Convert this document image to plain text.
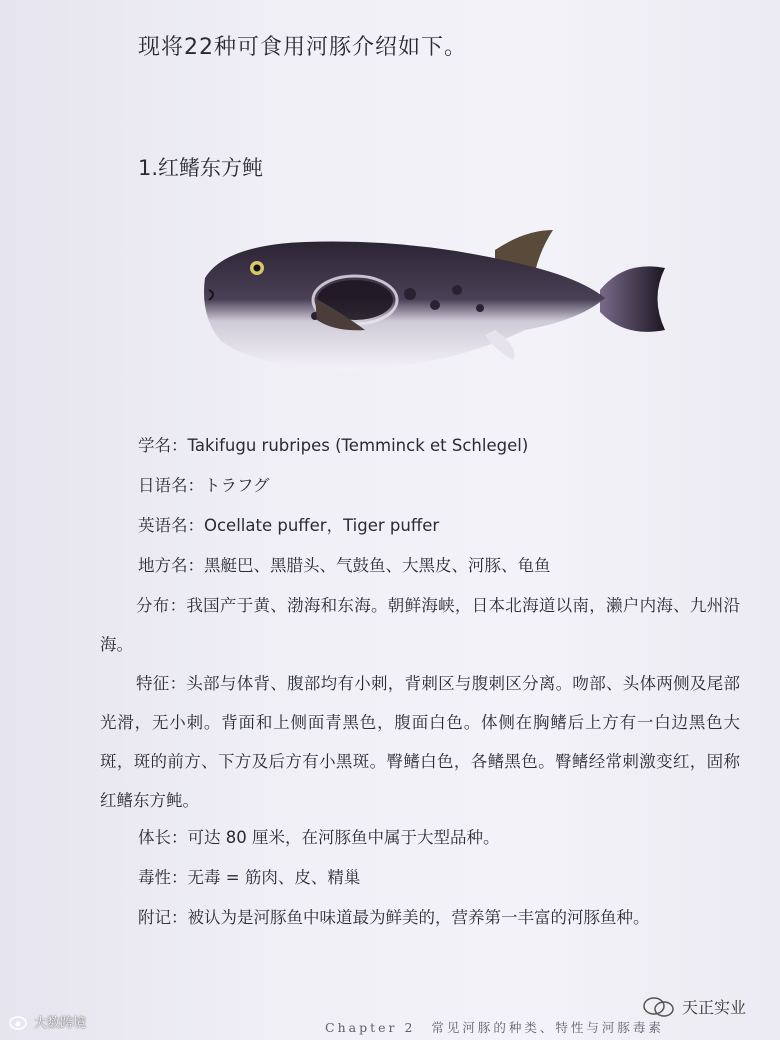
现将22种可食用河豚介绍如下。
1.红鳍东方鲀
学名：Takifugu rubripes (Temminck et Schlegel)
日语名：トラフグ
英语名：Ocellate puffer，Tiger puffer
地方名：黑艇巴、黑腊头、气鼓鱼、大黑皮、河豚、龟鱼
分布：我国产于黄、渤海和东海。朝鲜海峡，日本北海道以南，濑户内海、九州沿海。
特征：头部与体背、腹部均有小刺，背刺区与腹刺区分离。吻部、头体两侧及尾部光滑，无小刺。背面和上侧面青黑色，腹面白色。体侧在胸鳍后上方有一白边黑色大斑，斑的前方、下方及后方有小黑斑。臀鳍白色，各鳍黑色。臀鳍经常刺激变红，固称红鳍东方鲀。
体长：可达 80 厘米，在河豚鱼中属于大型品种。
毒性：无毒 = 筋肉、皮、精巢
附记：被认为是河豚鱼中味道最为鲜美的，营养第一丰富的河豚鱼种。
Chapter 2 常见河豚的种类、特性与河豚毒素
天正实业
大数跨境
